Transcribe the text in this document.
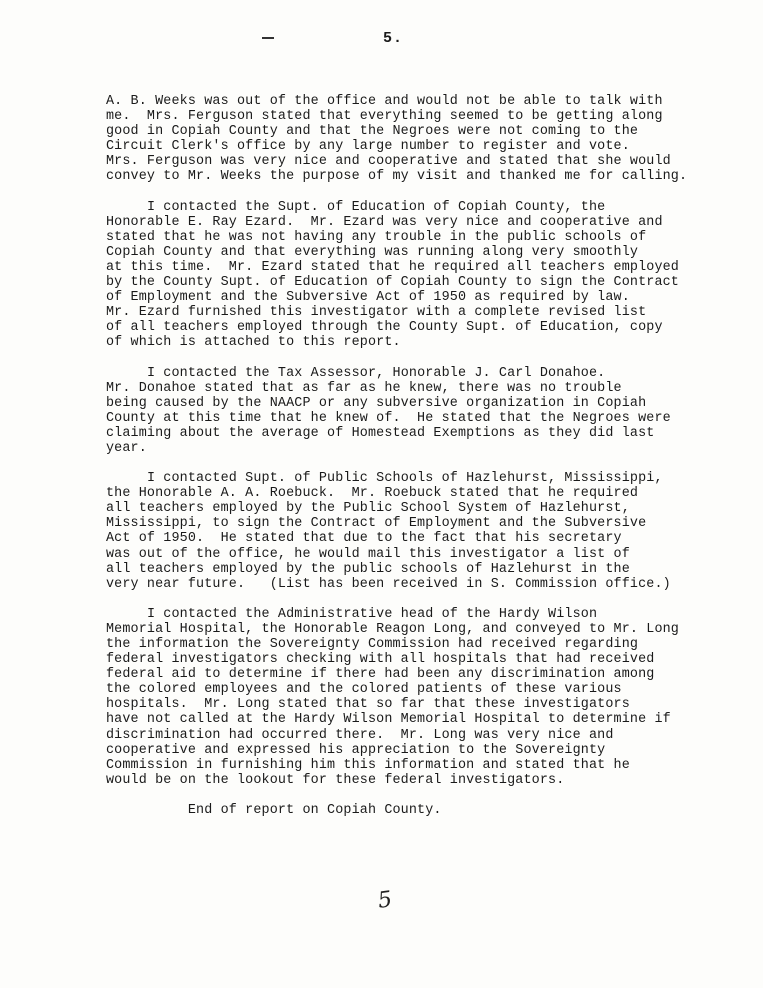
5.

A. B. Weeks was out of the office and would not be able to talk with
me.  Mrs. Ferguson stated that everything seemed to be getting along
good in Copiah County and that the Negroes were not coming to the
Circuit Clerk's office by any large number to register and vote.
Mrs. Ferguson was very nice and cooperative and stated that she would
convey to Mr. Weeks the purpose of my visit and thanked me for calling.

I contacted the Supt. of Education of Copiah County, the
Honorable E. Ray Ezard.  Mr. Ezard was very nice and cooperative and
stated that he was not having any trouble in the public schools of
Copiah County and that everything was running along very smoothly
at this time.  Mr. Ezard stated that he required all teachers employed
by the County Supt. of Education of Copiah County to sign the Contract
of Employment and the Subversive Act of 1950 as required by law.
Mr. Ezard furnished this investigator with a complete revised list
of all teachers employed through the County Supt. of Education, copy
of which is attached to this report.

I contacted the Tax Assessor, Honorable J. Carl Donahoe.
Mr. Donahoe stated that as far as he knew, there was no trouble
being caused by the NAACP or any subversive organization in Copiah
County at this time that he knew of.  He stated that the Negroes were
claiming about the average of Homestead Exemptions as they did last
year.

I contacted Supt. of Public Schools of Hazlehurst, Mississippi,
the Honorable A. A. Roebuck.  Mr. Roebuck stated that he required
all teachers employed by the Public School System of Hazlehurst,
Mississippi, to sign the Contract of Employment and the Subversive
Act of 1950.  He stated that due to the fact that his secretary
was out of the office, he would mail this investigator a list of
all teachers employed by the public schools of Hazlehurst in the
very near future.   (List has been received in S. Commission office.)

I contacted the Administrative head of the Hardy Wilson
Memorial Hospital, the Honorable Reagon Long, and conveyed to Mr. Long
the information the Sovereignty Commission had received regarding
federal investigators checking with all hospitals that had received
federal aid to determine if there had been any discrimination among
the colored employees and the colored patients of these various
hospitals.  Mr. Long stated that so far that these investigators
have not called at the Hardy Wilson Memorial Hospital to determine if
discrimination had occurred there.  Mr. Long was very nice and
cooperative and expressed his appreciation to the Sovereignty
Commission in furnishing him this information and stated that he
would be on the lookout for these federal investigators.

End of report on Copiah County.

5
